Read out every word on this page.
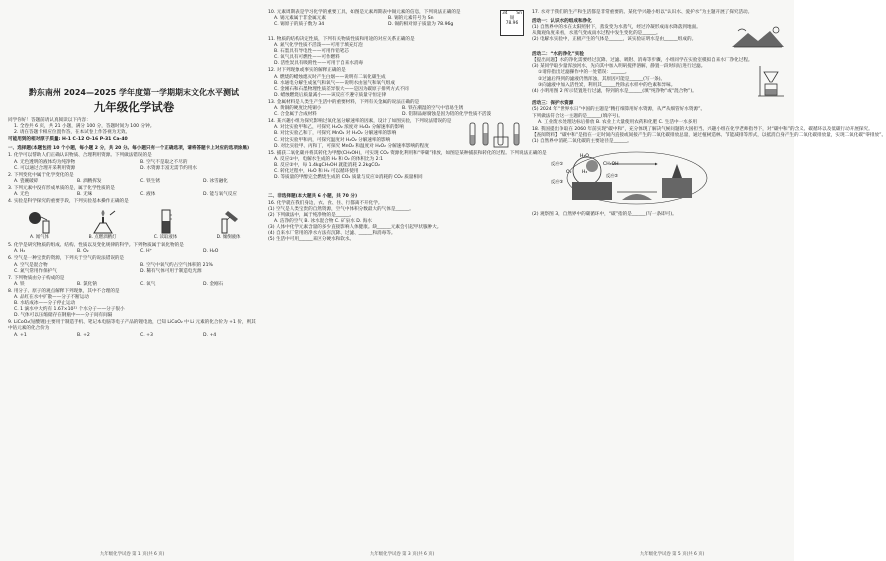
黔东南州 2024—2025 学年度第一学期期末文化水平测试
九年级化学试卷
同学你好！答题前请认真阅读以下内容：
1. 全卷共 6 页，共 21 小题，满分 100 分，答题时间为 100 分钟。
2. 请在答题卡相应位置作答，在本试卷上作答视为无效。
可能用到的相对原子质量: H-1 C-12 O-16 P-31 Ca-40
一、选择题(本题包括 10 个小题，每小题 2 分，共 20 分。每小题只有一个正确选项，请将答题卡上对应的选项涂黑)
1. 化学可以帮助人们正确认识物质、合理利用资源。下列做法错误的是
A. 无色透明的液体均为纯净物	B. 空气不是取之不尽的
C. 可以通过合理开采利用资源	D. 水资源丰富无需节约用水
2. 下列变化中属于化学变化的是
A. 瓷碗破碎	B. 酒精挥发	C. 铁生锈	D. 冰雪融化
3. 下列元素中没有形成单质的是，属于化学性质的是
A. 无色	B. 无味	C. 液体	D. 能与氧气反应
4. 实验是科学探究的重要手段，下列实验基本操作正确的是
A. 闻气体	B. 点燃酒精灯	C. 读取液体	D. 倾倒液体
5. 化学是研究物质的组成、结构、性质以及变化规律的科学。下列物质属于氧化物的是
A. H₂	B. O₂	C. H⁺	D. H₂O
6. 空气是一种宝贵的资源，下列关于空气的说法错误的是
A. 空气是混合物	B. 空气中氧气约占空气体积的 21%
C. 氮气常用作保护气	D. 稀有气体可用于制造电光源
7. 下列物质由分子构成的是
A. 铁	B. 氯化钠	C. 氧气	D. 金刚石
8. 用分子、原子的观点解释下列现象，其中不合理的是
A. 品红在水中扩散——分子不断运动
B. 水结成冰——分子停止运动
C. 1 滴水中大约有 1.67×10²¹ 个水分子——分子很小
D. 气体可以压缩储存在钢瓶中——分子间有间隔
9. LiCoO₂(钴酸锂)主要用于制造手机、笔记本电脑等电子产品的锂电池，已知 LiCoO₂ 中 Li 元素的化合价为 +1 价，则其中钴元素的化合价为
A. +1	B. +2	C. +3	D. +4
10. 元素周期表是学习化学的重要工具，如图是元素周期表中锡元素的信息，下列说法正确的是
A. 锡元素属于非金属元素	B. 锡的元素符号为 Sn
C. 锡原子的质子数为 34	D. 锡的相对原子质量为 78.96g
34 Sn
锡
78.96
11. 物质的结构决定性质，下列有关物质性质和用途的对应关系正确的是
A. 氮气化学性质不活泼——可用于填充灯泡
B. 石墨具有导电性——可用作铅笔芯
C. 氧气具有可燃性——可作燃料
D. 活性炭具有吸附性——可用于自来水消毒
12. 对下列现象或事实的解释正确的是
A. 燃烧的蜡烛熄灭时产生白烟——说明有二氧化碳生成
B. 水通电分解生成氢气和氧气——说明水由氢气和氧气组成
C. 金刚石和石墨物理性质差异很大——是因为碳原子排列方式不同
D. 蜡烛燃烧后质量减小——该反应不遵守质量守恒定律
13. 金属材料是人类生产生活中的重要材料，下列有关金属的说法正确的是
A. 黄铜的硬度比纯铜小	B. 铁在潮湿的空气中容易生锈
C. 合金属于合成材料	D. 铝制品耐腐蚀是因为铝的化学性质不活泼
14. 某兴趣小组为探究影响过氧化氢分解速率的因素，设计了如图实验，下列说法错误的是
A. 对比实验甲和乙，可探究 H₂O₂ 浓度对 H₂O₂ 分解速率的影响
B. 对比实验乙和丁，可探究 MnO₂ 对 H₂O₂ 分解速率的影响
C. 对比实验甲和丙，可探究温度对 H₂O₂ 分解速率的影响
D. 对比实验甲、丙和丁，可探究 MnO₂ 和温度对 H₂O₂ 分解速率影响的程度
15. 捕获二氧化碳并将其转化为甲醇(CH₃OH)，可实现 CO₂ 资源化利用和“零碳”排放，如图是某种捕获和转化的过程。下列说法正确的是
A. 反应①中，电解水生成的 H₂ 和 O₂ 的体积比为 2:1
B. 反应②中，每 1.4kgCH₃OH 就能消耗 2.2kgCO₂
C. 转化过程中，H₂O 和 H₂ 可以循环使用
D. 等质量的甲醇完全燃烧生成的 CO₂ 质量与反应②消耗的 CO₂ 质量相同
H₂O
O₂ H₂
CH₃OH
反应①
反应②
反应③
二、非选择题(本大题共 6 小题，共 70 分)
16. 化学就在我们身边，衣、食、住、行都离不开化学。
(1) 空气是人类宝贵的自然资源，空气中体积分数最大的气体是______。
(2) 下列做法中，属于纯净物的是______。
A. 洁净的空气 B. 冰水混合物 C. 矿泉水 D. 海水
(3) 人体中化学元素含量的多少直接影响人体健康。缺______元素会引起甲状腺肿大。
(4) 自来水厂常用的净水方法有沉降、过滤、______和消毒等。
(5) 生活中可用______来区分硬水和软水。
17. 水对于我们的生产和生活都是非常重要的。某化学兴趣小组以“认识水、爱护水”为主题开展了探究活动。
活动一：认识水的组成和净化
(1) 自然界中的水在太阳照射下，蒸发变为水蒸气，经过冷凝形成雨水降落到地面。
从微观角度来看，水蒸气变成雨水过程中发生变化的是______。
(2) 电解水实验中，正极产生的气体是______，该实验证明水是由______组成的。
活动二：“水的净化”实验
【提出问题】水的净化需要经过沉降、过滤、吸附、消毒等步骤，小组同学在实验室模拟自来水厂净化过程。
(3) 某同学取少量浑浊河水，先向其中加入明矾搅拌溶解，静置一段时间后进行过滤。
①请你指出过滤操作中的一处错误：______。
②过滤后得到的滤液仍然浑浊，其原因可能是______(写一条)。
③向滤液中加入活性炭，利用其______性除去水样中的色素和异味。
(4) 小明用图 2 所示装置进行过滤，得到的水是______(填“纯净物”或“混合物”)。
活动三：保护水资源
(5) 2024 年“世界水日”中国的主题是“精打细算用好水资源，从严从细管好水资源”。
下列做法符合这一主题的是______(填序号)。
A. 工业废水处理达标后排放 B. 农业上大量使用农药和化肥 C. 生活中一水多用
18. 我国提出争取在 2060 年前实现“碳中和”，充分体现了解决气候问题的大国担当。兴趣小组在化学老师指导下，对“碳中和”的含义、碳循环以及低碳行动开展探究。
【查阅资料】“碳中和”是指在一定时间内直接或间接产生的二氧化碳排放总量，通过植树造林、节能减排等形式，以抵消自身产生的二氧化碳排放量，实现二氧化碳“零排放”。
(1) 自然界中消耗二氧化碳的主要途径是______。
(2) 观察图 3，自然界中的碳循环中，“碳”指的是______(写一条即可)。
九年级化学试卷 第 1 页(共 6 页)	九年级化学试卷 第 3 页(共 6 页)	九年级化学试卷 第 5 页(共 6 页)
